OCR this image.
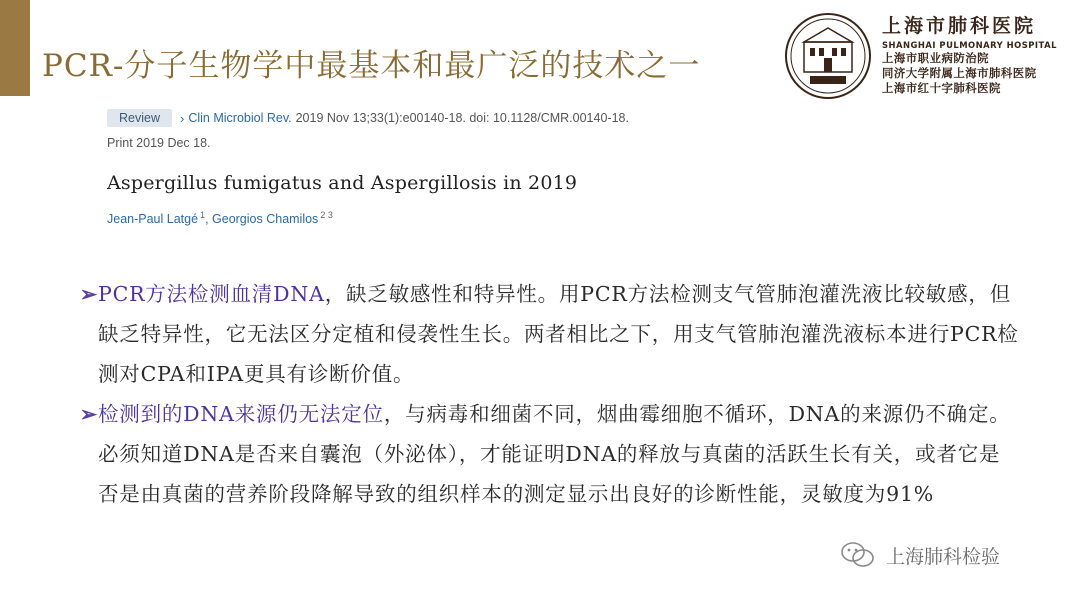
PCR-分子生物学中最基本和最广泛的技术之一
上海市肺科医院
SHANGHAI PULMONARY HOSPITAL
上海市职业病防治院
同济大学附属上海市肺科医院
上海市红十字肺科医院
Review	› Clin Microbiol Rev. 2019 Nov 13;33(1):e00140-18. doi: 10.1128/CMR.00140-18.
Print 2019 Dec 18.
Aspergillus fumigatus and Aspergillosis in 2019
Jean-Paul Latgé $^1$, Georgios Chamilos $^{2 3}$

➢PCR方法检测血清DNA，缺乏敏感性和特异性。用PCR方法检测支气管肺泡灌洗液比较敏感，但缺乏特异性，它无法区分定植和侵袭性生长。两者相比之下，用支气管肺泡灌洗液标本进行PCR检测对CPA和IPA更具有诊断价值。

➢检测到的DNA来源仍无法定位，与病毒和细菌不同，烟曲霉细胞不循环，DNA的来源仍不确定。必须知道DNA是否来自囊泡（外泌体），才能证明DNA的释放与真菌的活跃生长有关，或者它是否是由真菌的营养阶段降解导致的组织样本的测定显示出良好的诊断性能，灵敏度为91%

上海肺科检验
